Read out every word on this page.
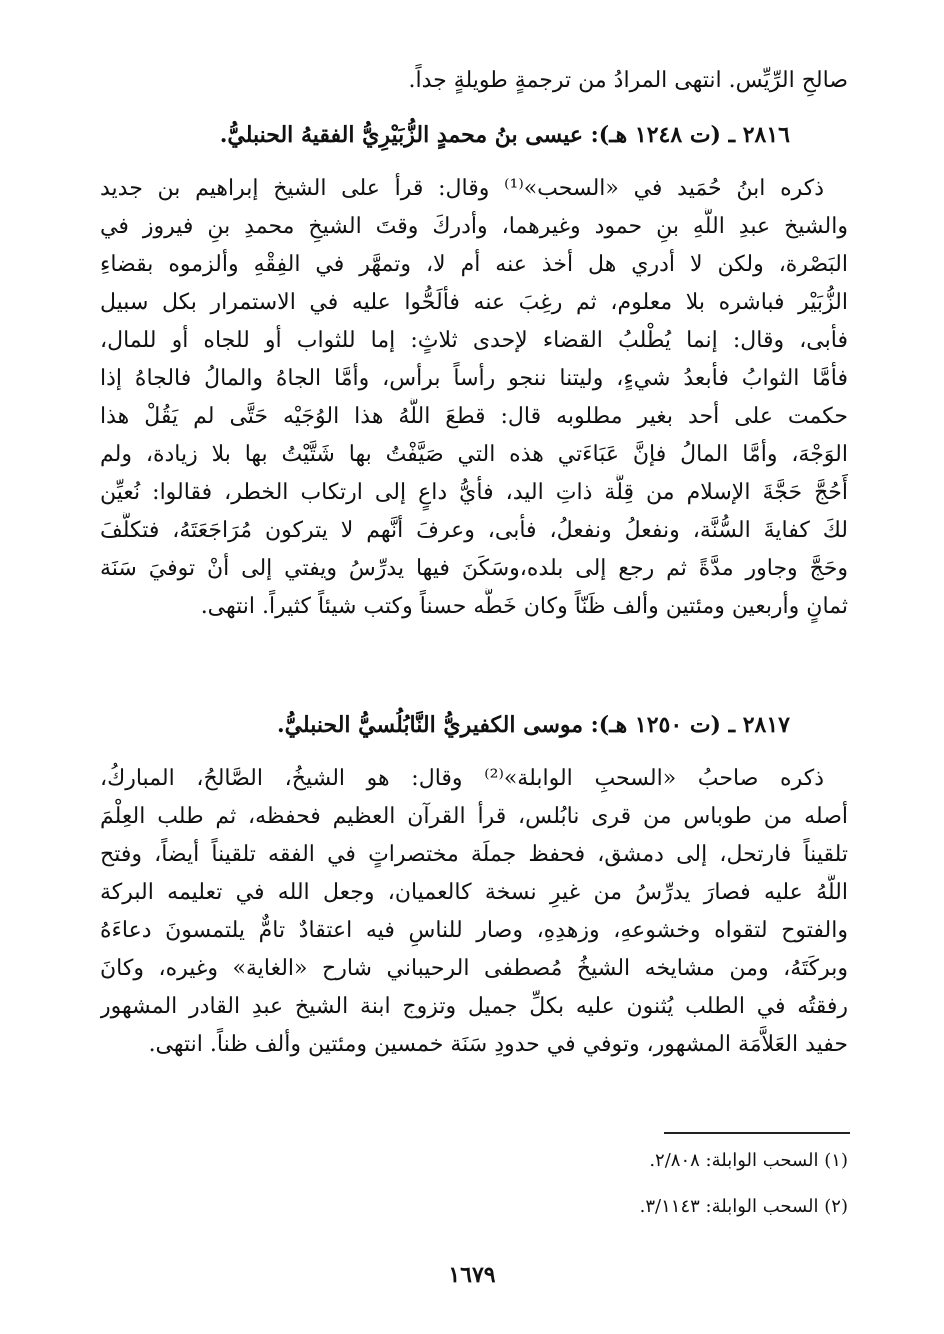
صالحِ الرِّيِّس. انتهى المرادُ من ترجمةٍ طويلةٍ جداً.
٢٨١٦ ـ (ت ١٢٤٨ هـ): عيسى بنُ محمدٍ الزُّبَيْرِيُّ الفقيهُ الحنبليُّ.
ذكره ابنُ حُمَيد في «السحب»⁽¹⁾ وقال: قرأ على الشيخ إبراهيم بن جديد
والشيخ عبدِ اللَّهِ بنِ حمود وغيرهما، وأدركَ وقتَ الشيخِ محمدِ بنِ فيروز في
البَصْرة، ولكن لا أدري هل أخذ عنه أم لا، وتمهَّر في الفِقْهِ وألزموه بقضاءِ
الزُّبَيْر فباشره بلا معلوم، ثم رغِبَ عنه فألَحُّوا عليه في الاستمرار بكل سبيل
فأبى، وقال: إنما يُطْلبُ القضاء لإحدى ثلاثٍ: إما للثواب أو للجاه أو للمال،
فأمَّا الثوابُ فأبعدُ شيءٍ، وليتنا ننجو رأساً برأس، وأمَّا الجاهُ والمالُ فالجاهُ إذا
حكمت على أحد بغير مطلوبه قال: قطعَ اللَّهُ هذا الوُجَيْه حَتَّى لم يَقُلْ هذا
الوَجْهَ، وأمَّا المالُ فإنَّ عَبَاءَتي هذه التي صَيَّفْتُ بها شَتَّيْتُ بها بلا زيادة، ولم
أَحُجَّ حَجَّةَ الإسلام من قِلَّة ذاتِ اليد، فأيُّ داعٍ إلى ارتكاب الخطر، فقالوا: نُعيِّن
لكَ كفايةَ السُّنَّة، ونفعلُ ونفعلُ، فأبى، وعرفَ أنَّهم لا يتركون مُرَاجَعَتَهُ، فتكلَّفَ
وحَجَّ وجاور مدَّةً ثم رجع إلى بلده،وسَكَنَ فيها يدرِّسُ ويفتي إلى أنْ توفيَ سَنَة
ثمانٍ وأربعين ومئتين وألف ظَنّاً وكان خَطُّه حسناً وكتب شيئاً كثيراً. انتهى.
٢٨١٧ ـ (ت ١٢٥٠ هـ): موسى الكفيريُّ النَّابُلُسيُّ الحنبليُّ.
ذكره صاحبُ «السحبِ الوابلة»⁽²⁾ وقال: هو الشيخُ، الصَّالحُ، المباركُ،
أصله من طوباس من قرى نابُلس، قرأ القرآن العظيم فحفظه، ثم طلب العِلْمَ
تلقيناً فارتحل، إلى دمشق، فحفظ جملَة مختصراتٍ في الفقه تلقيناً أيضاً، وفتح
اللَّهُ عليه فصارَ يدرِّسُ من غيرِ نسخة كالعميان، وجعل الله في تعليمه البركة
والفتوح لتقواه وخشوعهِ، وزهدِهِ، وصار للناسِ فيه اعتقادٌ تامٌّ يلتمسونَ دعاءَهُ
وبركَتَهُ، ومن مشايخه الشيخُ مُصطفى الرحيباني شارح «الغاية» وغيره، وكانَ
رفقتُه في الطلب يُثنون عليه بكلِّ جميل وتزوج ابنة الشيخ عبدِ القادر المشهور
حفيد العَلاَّمَة المشهور، وتوفي في حدودِ سَنَة خمسين ومئتين وألف ظناً. انتهى.
(١) السحب الوابلة: ٢/٨٠٨.
(٢) السحب الوابلة: ٣/١١٤٣.
١٦٧٩
